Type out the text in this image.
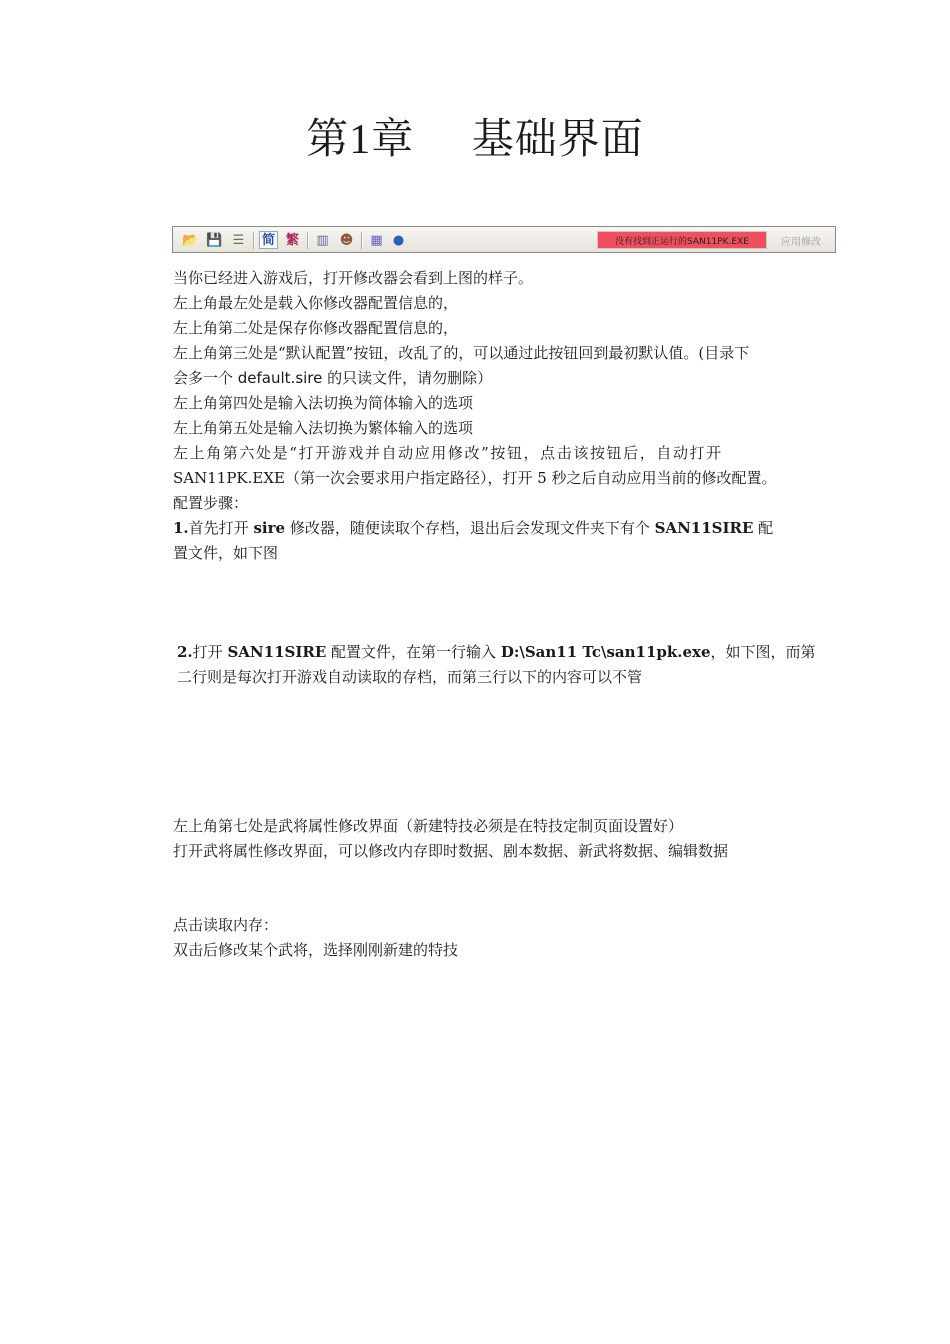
第1章 基础界面
📂 💾 ☰ 简 繁 ▥ ☻ ▦ ●	没有找到正运行的SAN11PK.EXE	应用修改

当你已经进入游戏后，打开修改器会看到上图的样子。

左上角最左处是载入你修改器配置信息的，

左上角第二处是保存你修改器配置信息的，

左上角第三处是“默认配置”按钮，改乱了的，可以通过此按钮回到最初默认值。(目录下

会多一个 default.sire 的只读文件，请勿删除）

左上角第四处是输入法切换为简体输入的选项

左上角第五处是输入法切换为繁体输入的选项

左上角第六处是“打开游戏并自动应用修改”按钮，点击该按钮后，自动打开

SAN11PK.EXE（第一次会要求用户指定路径），打开 5 秒之后自动应用当前的修改配置。

配置步骤：

1.首先打开 sire 修改器，随便读取个存档，退出后会发现文件夹下有个 SAN11SIRE 配

置文件，如下图

2.打开 SAN11SIRE 配置文件，在第一行输入 D:\San11 Tc\san11pk.exe，如下图，而第

二行则是每次打开游戏自动读取的存档，而第三行以下的内容可以不管

左上角第七处是武将属性修改界面（新建特技必须是在特技定制页面设置好）

打开武将属性修改界面，可以修改内存即时数据、剧本数据、新武将数据、编辑数据

点击读取内存：

双击后修改某个武将，选择刚刚新建的特技
